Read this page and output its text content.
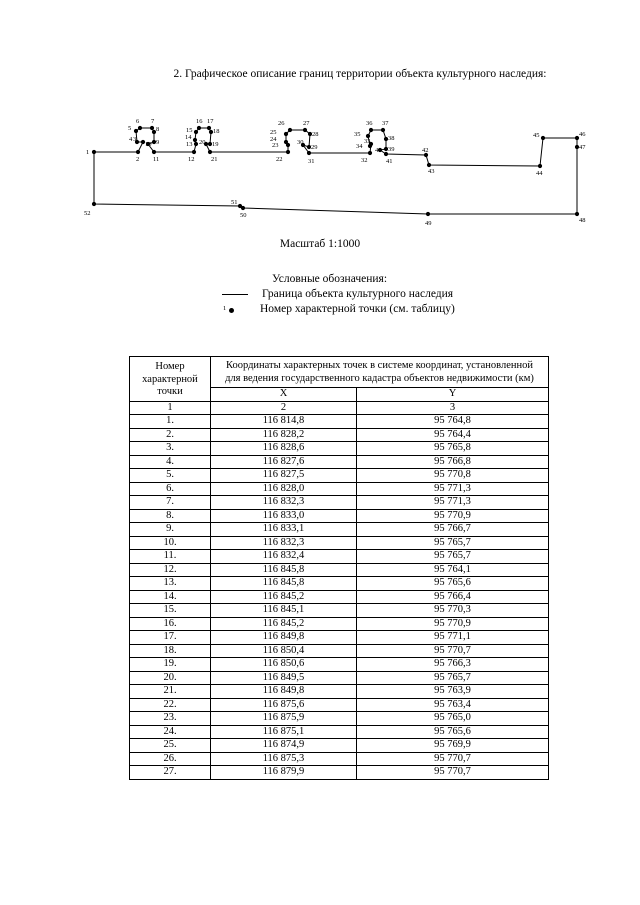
2. Графическое описание границ территории объекта культурного наследия:
1
2
3
4
5
6 7
8
9
10
11	12
13
14
15
16 17
18
19
20
21	22
23
24
25
26	27
28
29
30
31	32
33
34
35
36 37
38
39
40
41
42
43	44
45	46
47
48
49
50
51
52
Масштаб 1:1000
Условные обозначения:
Граница объекта культурного наследия
1	Номер характерной точки (см. таблицу)
Номер характерной точки	Координаты характерных точек в системе координат, установленной для ведения государственного кадастра объектов недвижимости (км)	
	X	Y
1	2	3
1.	116 814,8	95 764,8
2.	116 828,2	95 764,4
3.	116 828,6	95 765,8
4.	116 827,6	95 766,8
5.	116 827,5	95 770,8
6.	116 828,0	95 771,3
7.	116 832,3	95 771,3
8.	116 833,0	95 770,9
9.	116 833,1	95 766,7
10.	116 832,3	95 765,7
11.	116 832,4	95 765,7
12.	116 845,8	95 764,1
13.	116 845,8	95 765,6
14.	116 845,2	95 766,4
15.	116 845,1	95 770,3
16.	116 845,2	95 770,9
17.	116 849,8	95 771,1
18.	116 850,4	95 770,7
19.	116 850,6	95 766,3
20.	116 849,5	95 765,7
21.	116 849,8	95 763,9
22.	116 875,6	95 763,4
23.	116 875,9	95 765,0
24.	116 875,1	95 765,6
25.	116 874,9	95 769,9
26.	116 875,3	95 770,7
27.	116 879,9	95 770,7
